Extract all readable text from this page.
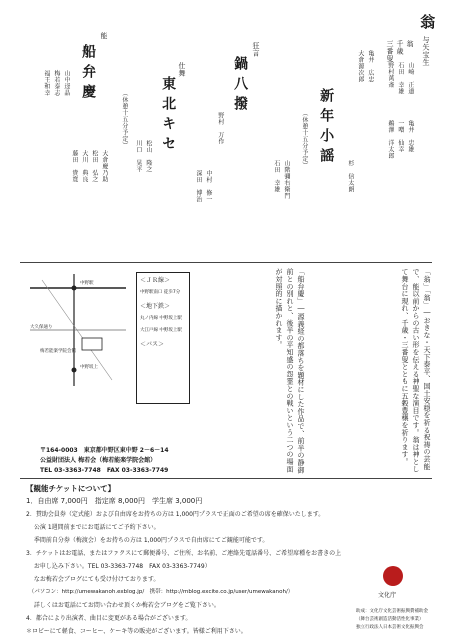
翁
与矢宝生
翁
千歳
三番叟
山崎　正道
石田　幸雄
野村萬斎
亀井　忠雄
一噌　仙幸
鵜澤　洋太郎
亀井　広忠
大倉源次郎
杉　信太朗
新年小謡
（休憩十五分予定）
山階彌右衛門
石田　幸雄
狂言
鍋八撥
野村　万作
中村　修一
深田　博治
仕舞
東北キセ
松山　隆之
川口　晃平
（休憩十五分予定）
能
船弁慶
山中迓晶
梅若泰志
福王和幸
大倉慶乃助
松田　弘之
大川　典良
藤田　貴寛
「翁」「翁」―おきな・天下泰平、国土安穏を祈る祝祷の芸能で、能以前からの古い形を伝える神聖な演目です。翁は神として舞台に現れ、千歳・三番叟とともに五穀豊穣を祈ります。
「船弁慶」―源義経の都落ちを題材にした作品で、前半の静御前との別れと、後半の平知盛の怨霊との戦いという二つの場面が対照的に描かれます。
中野駅
中野坂上
大久保通り
梅若能楽学院会館
＜ＪＲ線＞
中野駅南口 徒歩7分
＜地下鉄＞
丸ノ内線 中野坂上駅
大江戸線 中野坂上駅
＜バス＞
〒164-0003　東京都中野区東中野 2－6－14
公益財団法人 梅若会（梅若能楽学院会館）
TEL 03-3363-7748　FAX 03-3363-7749
【観能チケットについて】
1．自由席 7,000円　指定席 8,000円　学生席 3,000円
2．賛助会員券（定式能）および自由席をお持ちの方は 1,000円プラスで正面のご希望の席を確保いたします。
　 公演 1週間前までにお電話にてご予約下さい。
　 季間前自分券（梅渡会）をお持ちの方は 1,000円プラスで自由席にてご観能可能です。
3．チケットはお電話、またはファクスにて郵便番号、ご住所、お名前、ご連絡先電話番号、ご希望席種をお書きの上
　 お申し込み下さい。TEL 03-3363-7748　FAX 03-3363-7749）
　 なお梅若会ブログにても受け付けております。
　（パソコン：http://umewakanoh.exblog.jp/　携帯：http://mblog.excite.co.jp/user/umewakanoh/）
　 詳しくはお電話にてお問い合わせ頂くか梅若会ブログをご覧下さい。
4．都合により出演者、曲目に変更がある場合がございます。
＊ロビーにて軽食、コーヒー、ケーキ等の販売がございます。皆様ご利用下さい。
文化庁
助成：文化庁文化芸術振興費補助金
（舞台芸術創造活動活性化事業）
独立行政法人日本芸術文化振興会
